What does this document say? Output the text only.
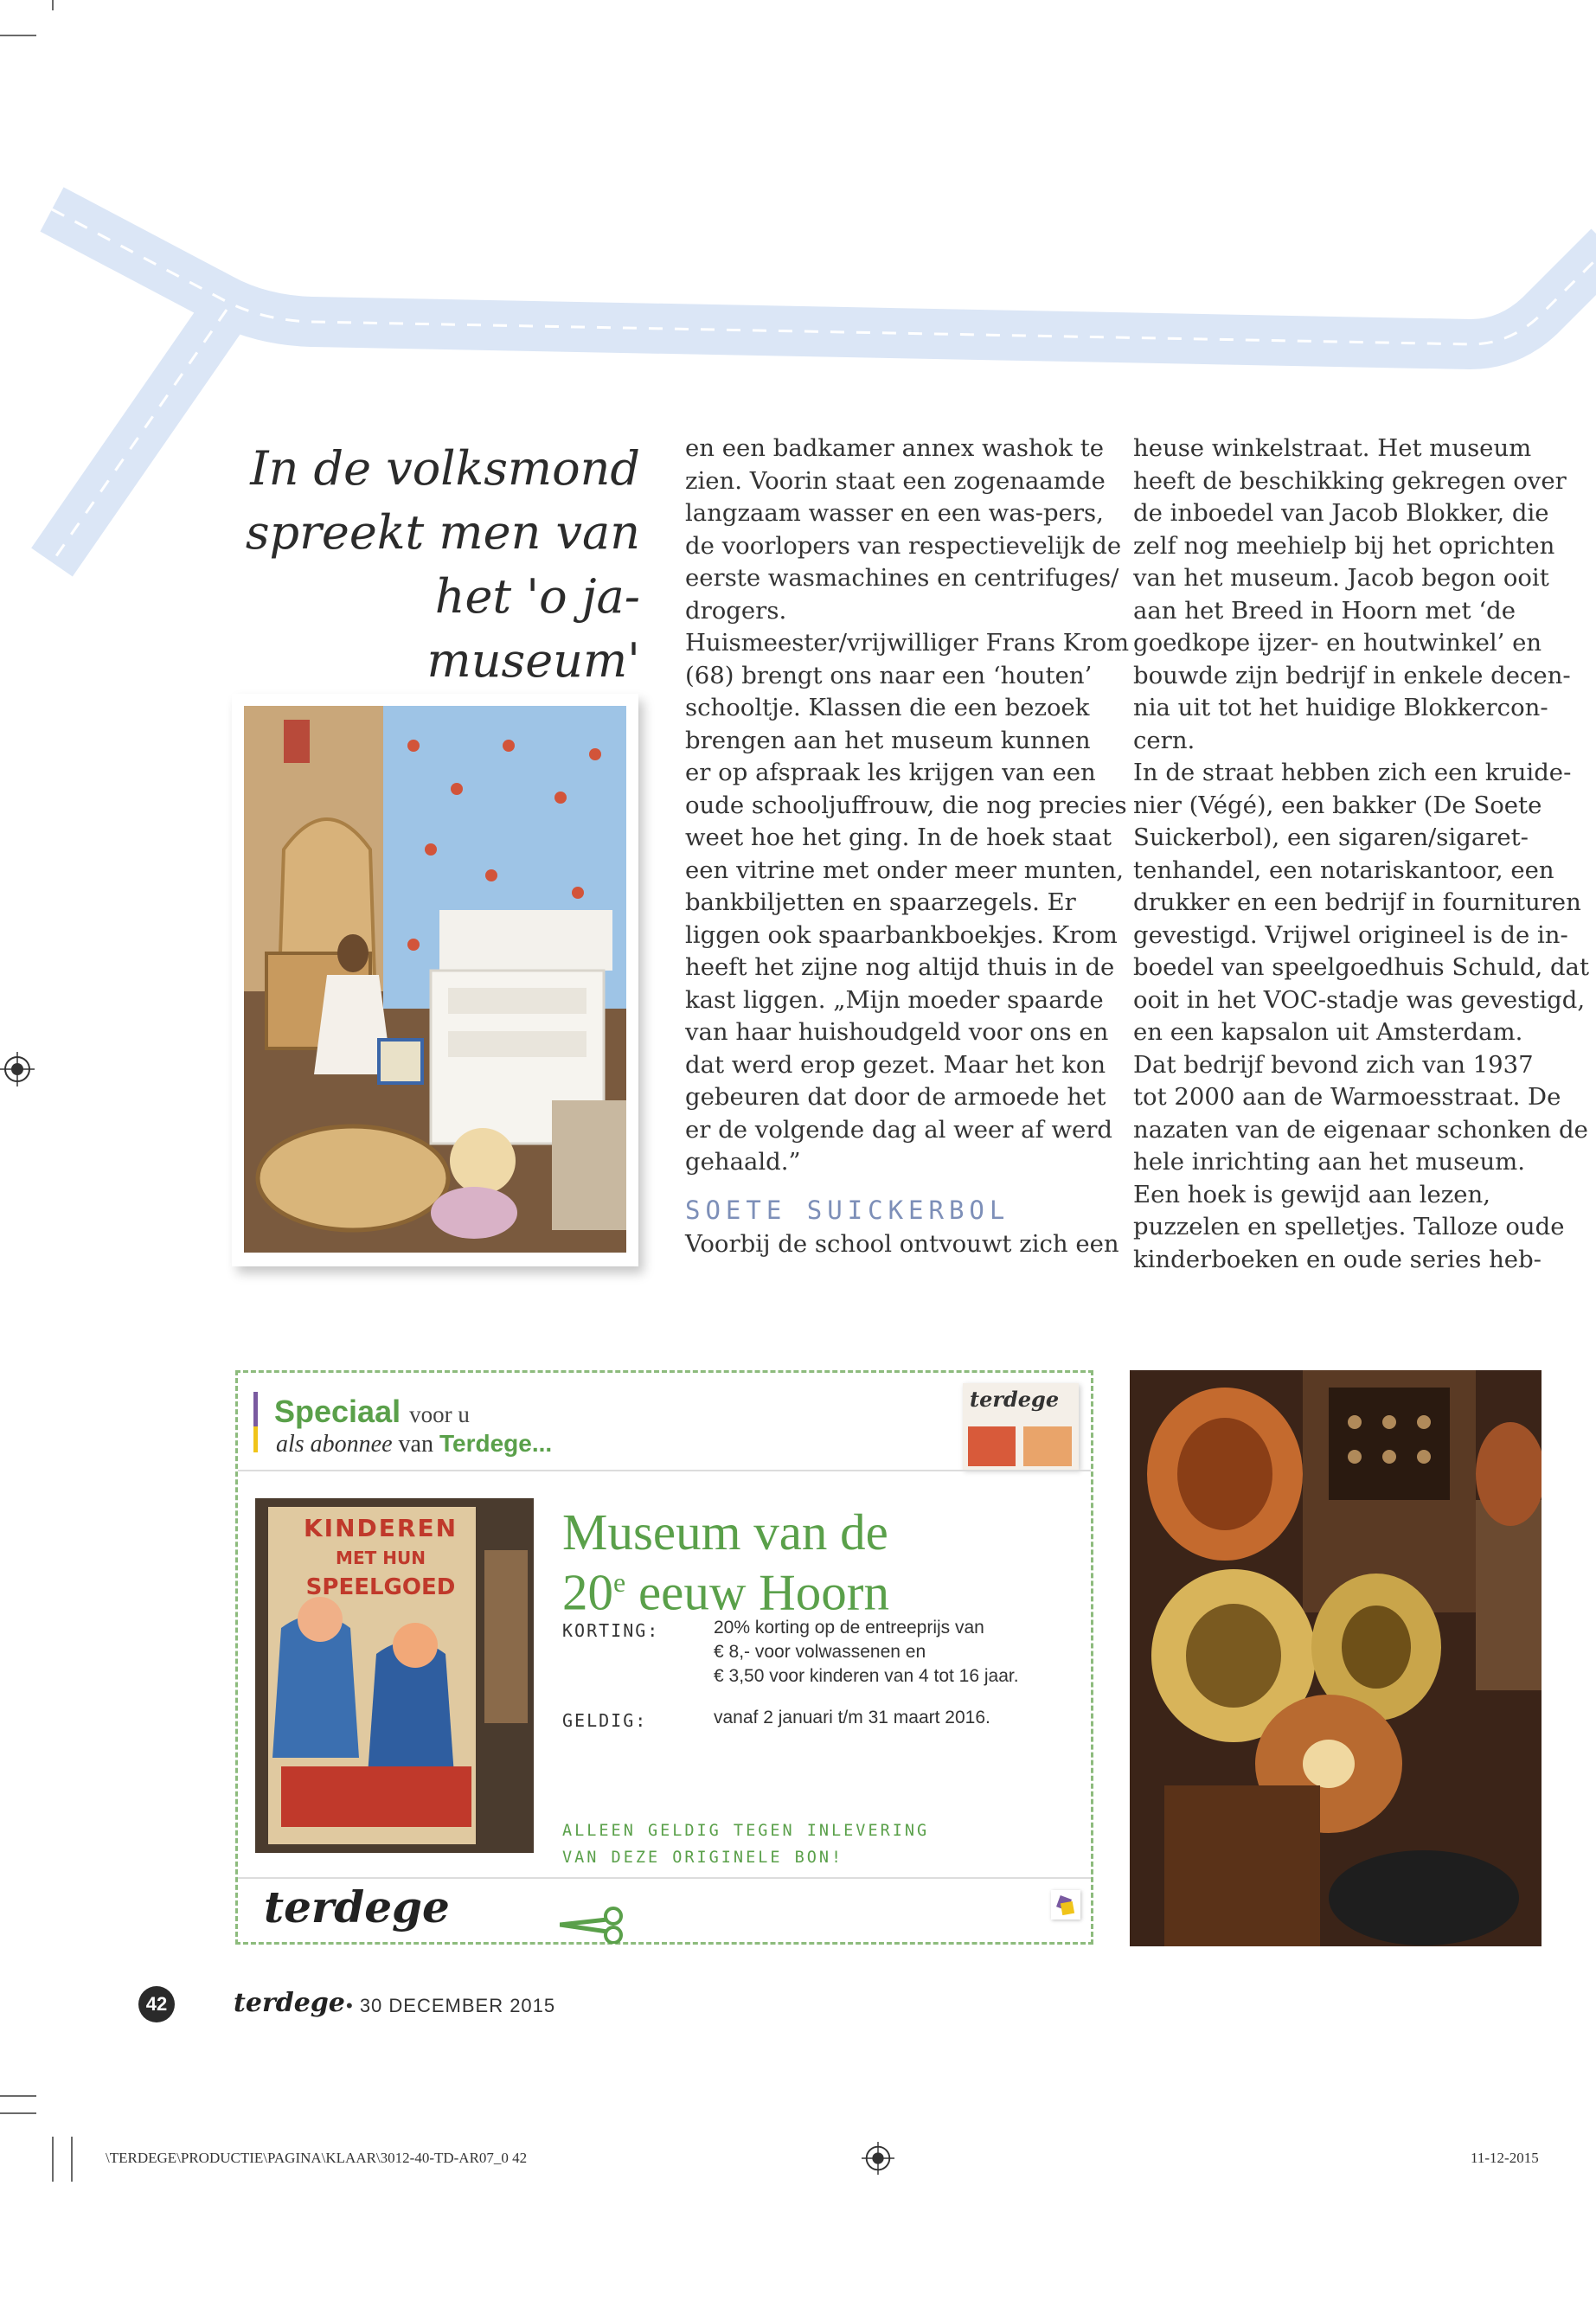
In de volksmond
spreekt men van
het 'o ja-museum'
en een badkamer annex washok te
zien. Voorin staat een zogenaamde
langzaam wasser en een was-pers,
de voorlopers van respectievelijk de
eerste wasmachines en centrifuges/
drogers.
Huismeester/vrijwilliger Frans Krom
(68) brengt ons naar een ‘houten’
schooltje. Klassen die een bezoek
brengen aan het museum kunnen
er op afspraak les krijgen van een
oude schooljuffrouw, die nog precies
weet hoe het ging. In de hoek staat
een vitrine met onder meer munten,
bankbiljetten en spaarzegels. Er
liggen ook spaarbankboekjes. Krom
heeft het zijne nog altijd thuis in de
kast liggen. „Mijn moeder spaarde
van haar huishoudgeld voor ons en
dat werd erop gezet. Maar het kon
gebeuren dat door de armoede het
er de volgende dag al weer af werd
gehaald.”
SOETE SUICKERBOL
Voorbij de school ontvouwt zich een
heuse winkelstraat. Het museum
heeft de beschikking gekregen over
de inboedel van Jacob Blokker, die
zelf nog meehielp bij het oprichten
van het museum. Jacob begon ooit
aan het Breed in Hoorn met ‘de
goedkope ijzer- en houtwinkel’ en
bouwde zijn bedrijf in enkele decen-
nia uit tot het huidige Blokkercon-
cern.
In de straat hebben zich een kruide-
nier (Végé), een bakker (De Soete
Suickerbol), een sigaren/sigaret-
tenhandel, een notariskantoor, een
drukker en een bedrijf in fournituren
gevestigd. Vrijwel origineel is de in-
boedel van speelgoedhuis Schuld, dat
ooit in het VOC-stadje was gevestigd,
en een kapsalon uit Amsterdam.
Dat bedrijf bevond zich van 1937
tot 2000 aan de Warmoesstraat. De
nazaten van de eigenaar schonken de
hele inrichting aan het museum.
Een hoek is gewijd aan lezen,
puzzelen en spelletjes. Talloze oude
kinderboeken en oude series heb-
Speciaal voor u
als abonnee van Terdege...
terdege
KINDEREN
MET HUN
SPEELGOED
Museum van de
20e eeuw Hoorn
KORTING:	20% korting op de entreeprijs van
€ 8,- voor volwassenen en
€ 3,50 voor kinderen van 4 tot 16 jaar.
GELDIG:	vanaf 2 januari t/m 31 maart 2016.
ALLEEN GELDIG TEGEN INLEVERING
VAN DEZE ORIGINELE BON!
terdege
42	terdege • 30 DECEMBER 2015
\TERDEGE\PRODUCTIE\PAGINA\KLAAR\3012-40-TD-AR07_0 42	11-12-2015
